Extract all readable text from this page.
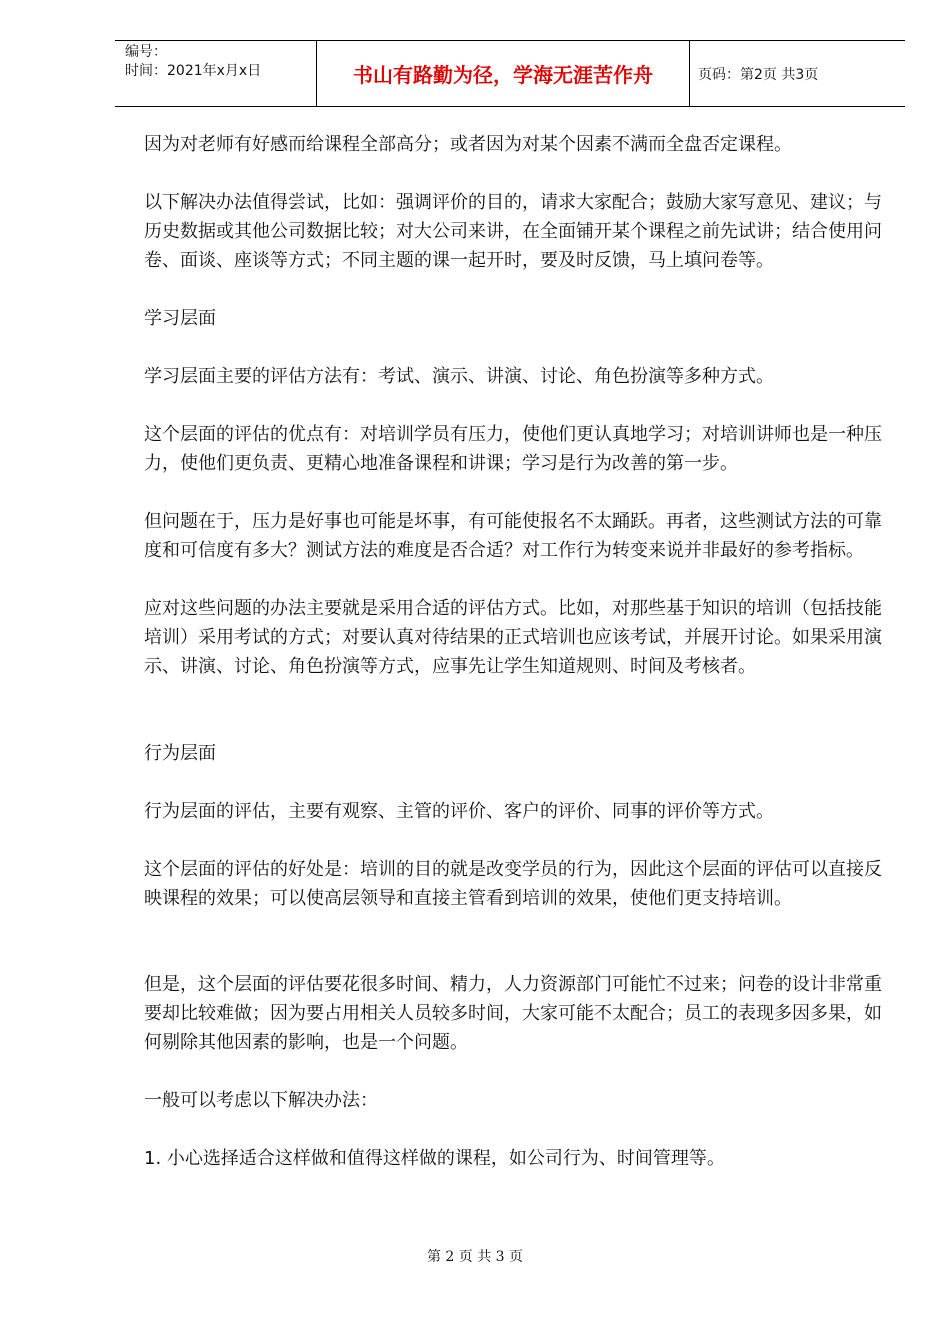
编号：
时间：2021年x月x日	书山有路勤为径，学海无涯苦作舟	页码：第2页 共3页

因为对老师有好感而给课程全部高分；或者因为对某个因素不满而全盘否定课程。

以下解决办法值得尝试，比如：强调评价的目的，请求大家配合；鼓励大家写意见、建议；与历史数据或其他公司数据比较；对大公司来讲，在全面铺开某个课程之前先试讲；结合使用问卷、面谈、座谈等方式；不同主题的课一起开时，要及时反馈，马上填问卷等。

学习层面

学习层面主要的评估方法有：考试、演示、讲演、讨论、角色扮演等多种方式。

这个层面的评估的优点有：对培训学员有压力，使他们更认真地学习；对培训讲师也是一种压力，使他们更负责、更精心地准备课程和讲课；学习是行为改善的第一步。

但问题在于，压力是好事也可能是坏事，有可能使报名不太踊跃。再者，这些测试方法的可靠度和可信度有多大？测试方法的难度是否合适？对工作行为转变来说并非最好的参考指标。

应对这些问题的办法主要就是采用合适的评估方式。比如，对那些基于知识的培训（包括技能培训）采用考试的方式；对要认真对待结果的正式培训也应该考试，并展开讨论。如果采用演示、讲演、讨论、角色扮演等方式，应事先让学生知道规则、时间及考核者。

行为层面

行为层面的评估，主要有观察、主管的评价、客户的评价、同事的评价等方式。

这个层面的评估的好处是：培训的目的就是改变学员的行为，因此这个层面的评估可以直接反映课程的效果；可以使高层领导和直接主管看到培训的效果，使他们更支持培训。

但是，这个层面的评估要花很多时间、精力，人力资源部门可能忙不过来；问卷的设计非常重要却比较难做；因为要占用相关人员较多时间，大家可能不太配合；员工的表现多因多果，如何剔除其他因素的影响，也是一个问题。

一般可以考虑以下解决办法：

1. 小心选择适合这样做和值得这样做的课程，如公司行为、时间管理等。

第 2 页 共 3 页
